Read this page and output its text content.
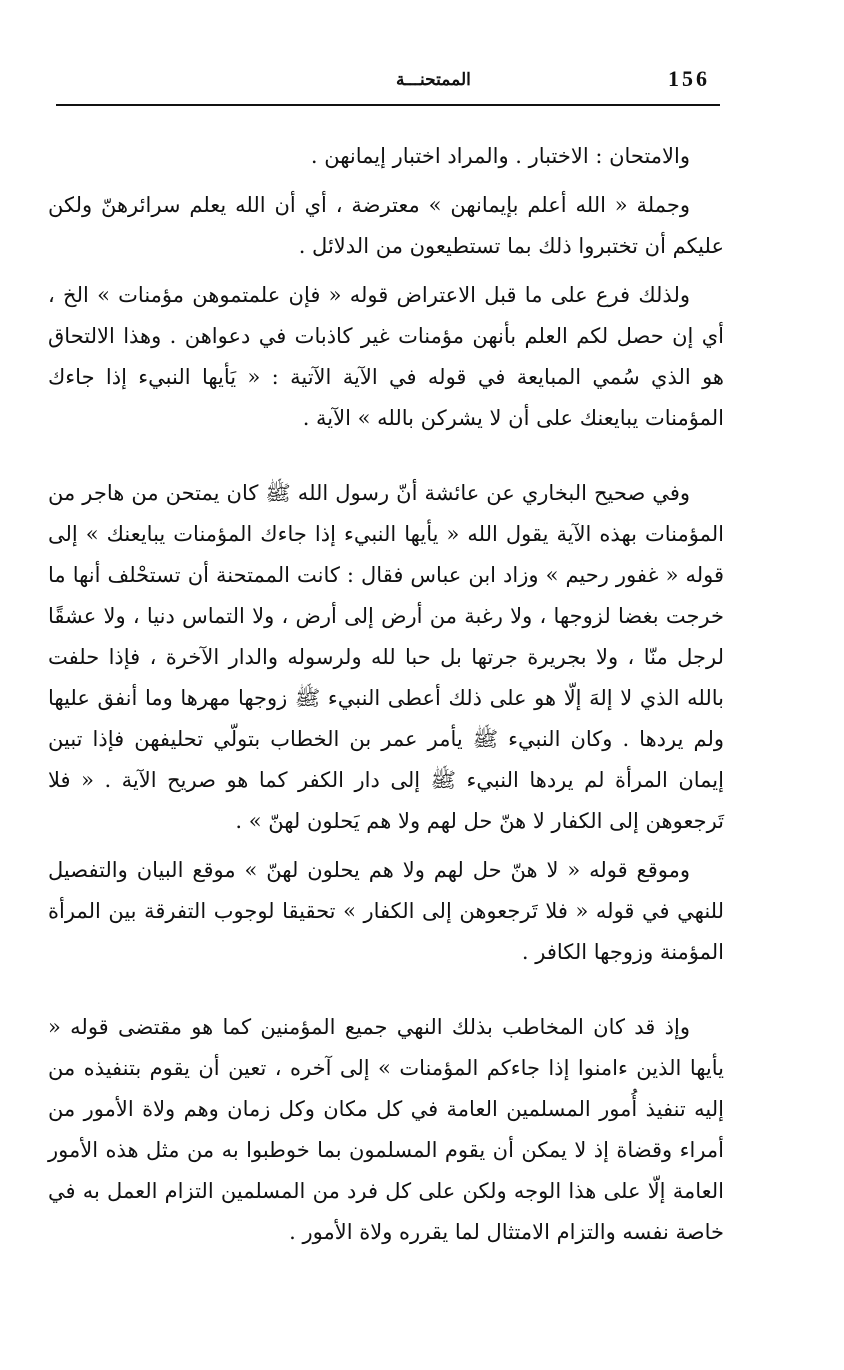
156
الممتحنـــة

والامتحان : الاختبار . والمراد اختبار إيمانهن .

وجملة « الله أعلم بإيمانهن » معترضة ، أي أن الله يعلم سرائرهنّ ولكن عليكم أن تختبروا ذلك بما تستطيعون من الدلائل .

ولذلك فرع على ما قبل الاعتراض قوله « فإن علمتموهن مؤمنات » الخ ، أي إن حصل لكم العلم بأنهن مؤمنات غير كاذبات في دعواهن . وهذا الالتحاق هو الذي سُمي المبايعة في قوله في الآية الآتية : « يَأيها النبيء إذا جاءك المؤمنات يبايعنك على أن لا يشركن بالله » الآية .

وفي صحيح البخاري عن عائشة أنّ رسول الله ﷺ كان يمتحن من هاجر من المؤمنات بهذه الآية يقول الله « يأيها النبيء إذا جاءك المؤمنات يبايعنك » إلى قوله « غفور رحيم » وزاد ابن عباس فقال : كانت الممتحنة أن تستحْلف أنها ما خرجت بغضا لزوجها ، ولا رغبة من أرض إلى أرض ، ولا التماس دنيا ، ولا عشقًا لرجل منّا ، ولا بجريرة جرتها بل حبا لله ولرسوله والدار الآخرة ، فإذا حلفت بالله الذي لا إلهَ إلّا هو على ذلك أعطى النبيء ﷺ زوجها مهرها وما أنفق عليها ولم يردها . وكان النبيء ﷺ يأمر عمر بن الخطاب بتولّي تحليفهن فإذا تبين إيمان المرأة لم يردها النبيء ﷺ إلى دار الكفر كما هو صريح الآية . « فلا تَرجعوهن إلى الكفار لا هنّ حل لهم ولا هم يَحلون لهنّ » .

وموقع قوله « لا هنّ حل لهم ولا هم يحلون لهنّ » موقع البيان والتفصيل للنهي في قوله « فلا تَرجعوهن إلى الكفار » تحقيقا لوجوب التفرقة بين المرأة المؤمنة وزوجها الكافر .

وإذ قد كان المخاطب بذلك النهي جميع المؤمنين كما هو مقتضى قوله « يأيها الذين ءامنوا إذا جاءكم المؤمنات » إلى آخره ، تعين أن يقوم بتنفيذه من إليه تنفيذ أُمور المسلمين العامة في كل مكان وكل زمان وهم ولاة الأمور من أمراء وقضاة إذ لا يمكن أن يقوم المسلمون بما خوطبوا به من مثل هذه الأمور العامة إلّا على هذا الوجه ولكن على كل فرد من المسلمين التزام العمل به في خاصة نفسه والتزام الامتثال لما يقرره ولاة الأمور .
